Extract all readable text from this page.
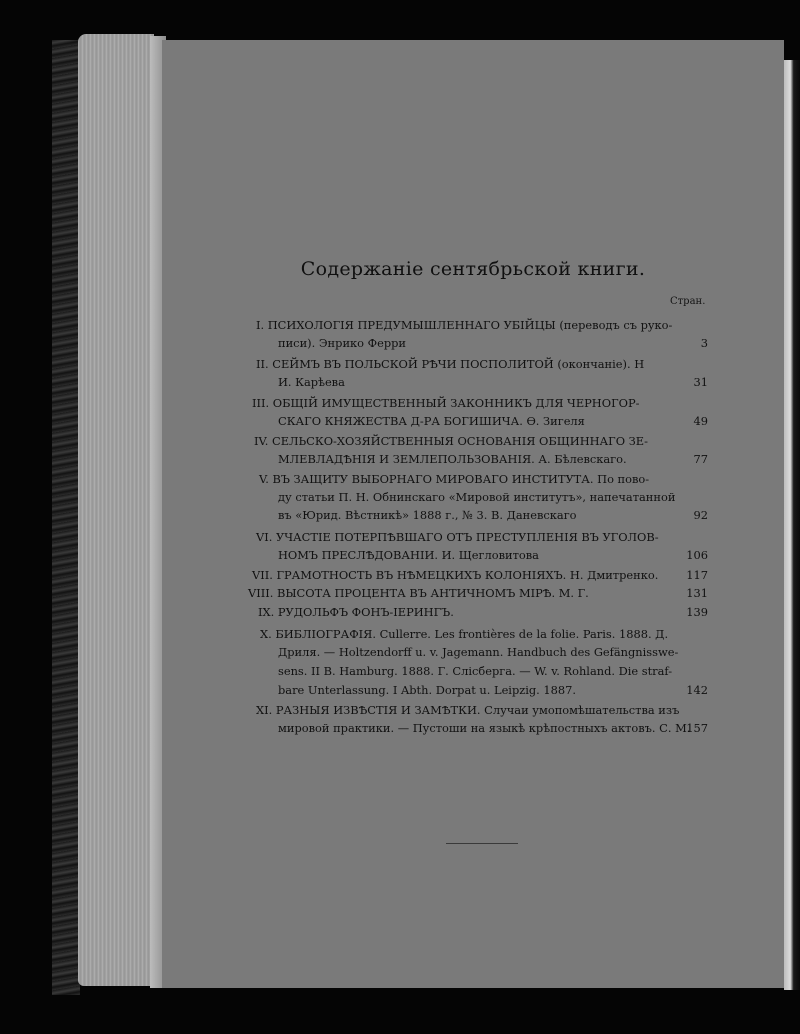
Содержаніе сентябрьской книги.
Стран.
I. ПСИХОЛОГІЯ ПРЕДУМЫШЛЕННАГО УБІЙЦЫ (переводъ съ руко-
писи). Энрико Ферри
II. СЕЙМЪ ВЪ ПОЛЬСКОЙ РѢЧИ ПОСПОЛИТОЙ (окончаніе). Н
И. Карѣева
III. ОБЩІЙ ИМУЩЕСТВЕННЫЙ ЗАКОННИКЪ ДЛЯ ЧЕРНОГОР-
СКАГО КНЯЖЕСТВА Д-РА БОГИШИЧА. Ѳ. Зигеля
IV. СЕЛЬСКО-ХОЗЯЙСТВЕННЫЯ ОСНОВАНІЯ ОБЩИННАГО ЗЕ-
МЛЕВЛАДѢНІЯ И ЗЕМЛЕПОЛЬЗОВАНІЯ. А. Бѣлевскаго.
V. ВЪ ЗАЩИТУ ВЫБОРНАГО МИРОВАГО ИНСТИТУТА. По пово-
ду статьи П. Н. Обнинскаго «Мировой институтъ», напечатанной
въ «Юрид. Вѣстникѣ» 1888 г., № 3. В. Даневскаго
VI. УЧАСТІЕ ПОТЕРПѢВШАГО ОТЪ ПРЕСТУПЛЕНІЯ ВЪ УГОЛОВ-
НОМЪ ПРЕСЛѢДОВАНІИ. И. Щегловитова
VII. ГРАМОТНОСТЬ ВЪ НѢМЕЦКИХЪ КОЛОНІЯХЪ. Н. Дмитренко.
VIII. ВЫСОТА ПРОЦЕНТА ВЪ АНТИЧНОМЪ МІРѢ. М. Г.
IX. РУДОЛЬФЪ ФОНЪ-ІЕРИНГЪ.
X. БИБЛІОГРАФІЯ. Cullerre. Les frontières de la folie. Paris. 1888. Д.
Дриля. — Holtzendorff u. v. Jagemann. Handbuch des Gefängnisswe-
sens. II B. Hamburg. 1888. Г. Слісберга. — W. v. Rohland. Die straf-
bare Unterlassung. I Abth. Dorpat u. Leipzig. 1887.
XI. РАЗНЫЯ ИЗВѢСТІЯ И ЗАМѢТКИ. Случаи умопомѣшательства изъ
мировой практики. — Пустоши на языкѣ крѣпостныхъ актовъ. С. М.
3
31
49
77
92
106
117
131
139
142
157
